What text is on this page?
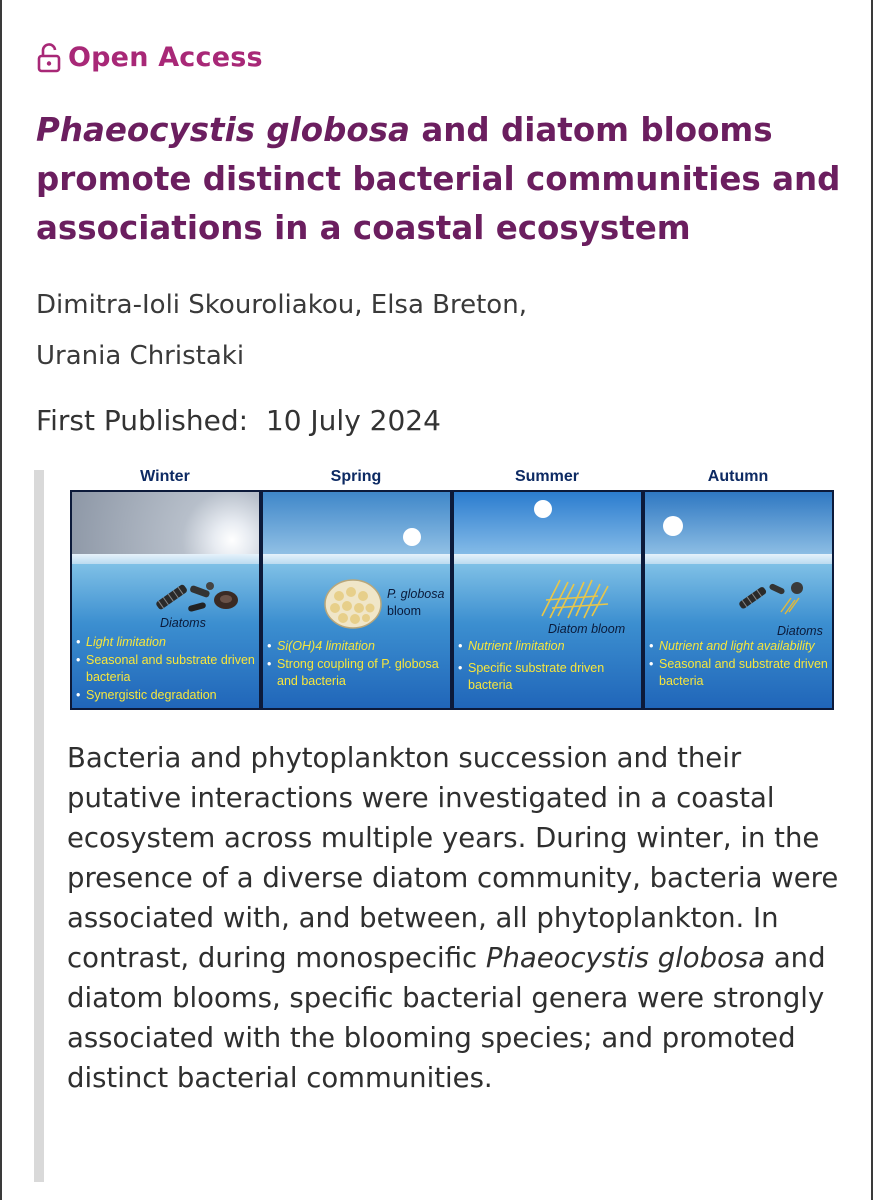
Open Access
Phaeocystis globosa and diatom blooms promote distinct bacterial communities and associations in a coastal ecosystem
Dimitra-Ioli Skouroliakou, Elsa Breton,
Urania Christaki
First Published: 10 July 2024
Winter	Spring	Summer	Autumn
Diatoms
• Light limitation
• Seasonal and substrate driven bacteria
• Synergistic degradation
P. globosa
bloom
• Si(OH)4 limitation
• Strong coupling of P. globosa and bacteria
Diatom bloom
• Nutrient limitation
• Specific substrate driven bacteria
Diatoms
• Nutrient and light availability
• Seasonal and substrate driven bacteria

Bacteria and phytoplankton succession and their putative interactions were investigated in a coastal ecosystem across multiple years. During winter, in the presence of a diverse diatom community, bacteria were associated with, and between, all phytoplankton. In contrast, during monospecific Phaeocystis globosa and diatom blooms, specific bacterial genera were strongly associated with the blooming species; and promoted distinct bacterial communities.
